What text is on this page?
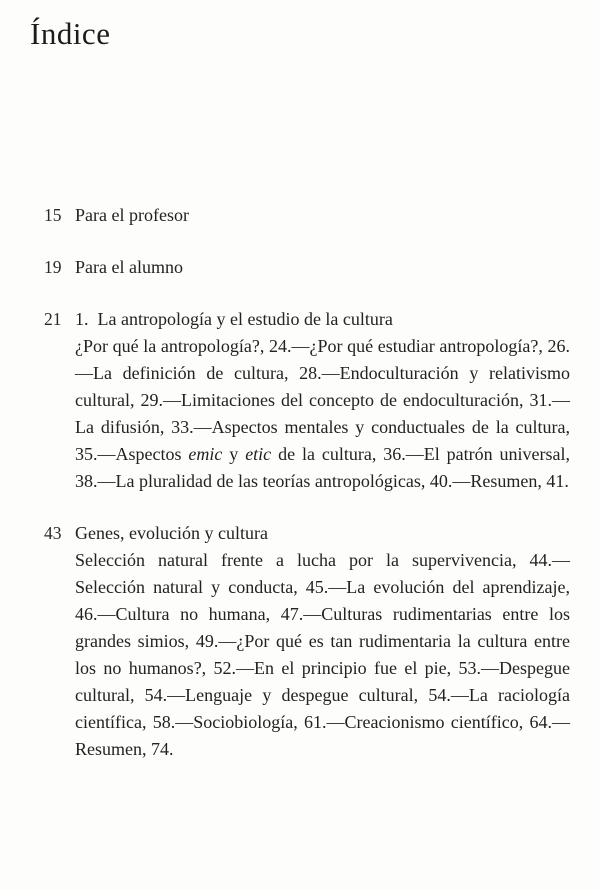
Índice
15 Para el profesor
19 Para el alumno
21 1.  La antropología y el estudio de la cultura
¿Por qué la antropología?, 24.—¿Por qué estudiar antropología?, 26.—La definición de cultura, 28.—Endoculturación y relativismo cultural, 29.—Limitaciones del concepto de endoculturación, 31.—La difusión, 33.—Aspectos mentales y conductuales de la cultura, 35.—Aspectos emic y etic de la cultura, 36.—El patrón universal, 38.—La pluralidad de las teorías antropológicas, 40.—Resumen, 41.
43 Genes, evolución y cultura
Selección natural frente a lucha por la supervivencia, 44.—Selección natural y conducta, 45.—La evolución del aprendizaje, 46.—Cultura no humana, 47.—Culturas rudimentarias entre los grandes simios, 49.—¿Por qué es tan rudimentaria la cultura entre los no humanos?, 52.—En el principio fue el pie, 53.—Despegue cultural, 54.—Lenguaje y despegue cultural, 54.—La raciología científica, 58.—Sociobiología, 61.—Creacionismo científico, 64.—Resumen, 74.
